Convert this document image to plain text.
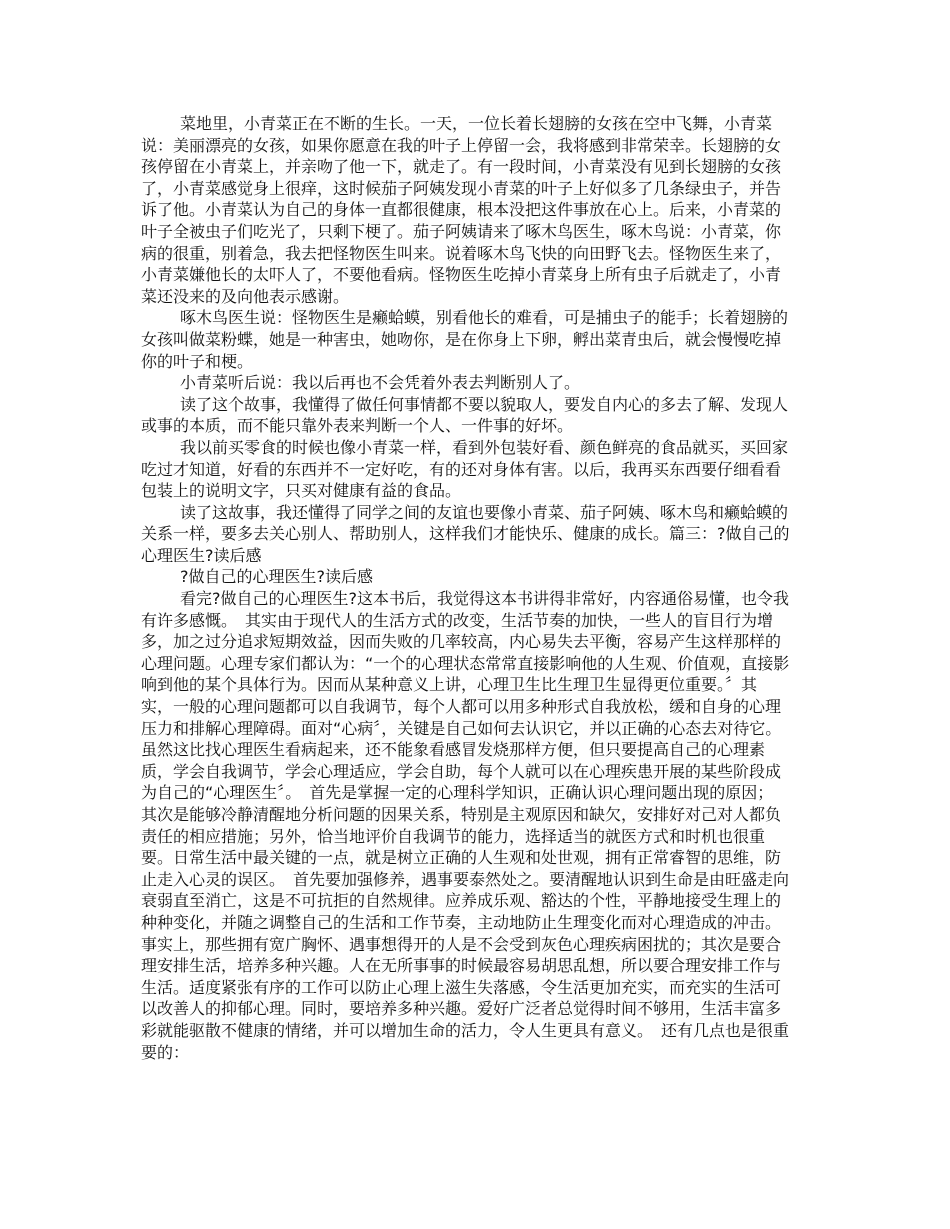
菜地里，小青菜正在不断的生长。一天，一位长着长翅膀的女孩在空中飞舞，小青菜
说：美丽漂亮的女孩，如果你愿意在我的叶子上停留一会，我将感到非常荣幸。长翅膀的女
孩停留在小青菜上，并亲吻了他一下，就走了。有一段时间，小青菜没有见到长翅膀的女孩
了，小青菜感觉身上很痒，这时候茄子阿姨发现小青菜的叶子上好似多了几条绿虫子，并告
诉了他。小青菜认为自己的身体一直都很健康，根本没把这件事放在心上。后来，小青菜的
叶子全被虫子们吃光了，只剩下梗了。茄子阿姨请来了啄木鸟医生，啄木鸟说：小青菜，你
病的很重，别着急，我去把怪物医生叫来。说着啄木鸟飞快的向田野飞去。怪物医生来了，
小青菜嫌他长的太吓人了，不要他看病。怪物医生吃掉小青菜身上所有虫子后就走了，小青
菜还没来的及向他表示感谢。
啄木鸟医生说：怪物医生是癞蛤蟆，别看他长的难看，可是捕虫子的能手；长着翅膀的
女孩叫做菜粉蝶，她是一种害虫，她吻你，是在你身上下卵，孵出菜青虫后，就会慢慢吃掉
你的叶子和梗。
小青菜听后说：我以后再也不会凭着外表去判断别人了。
读了这个故事，我懂得了做任何事情都不要以貌取人，要发自内心的多去了解、发现人
或事的本质，而不能只靠外表来判断一个人、一件事的好坏。
我以前买零食的时候也像小青菜一样，看到外包装好看、颜色鲜亮的食品就买，买回家
吃过才知道，好看的东西并不一定好吃，有的还对身体有害。以后，我再买东西要仔细看看
包装上的说明文字，只买对健康有益的食品。
读了这故事，我还懂得了同学之间的友谊也要像小青菜、茄子阿姨、啄木鸟和癞蛤蟆的
关系一样，要多去关心别人、帮助别人，这样我们才能快乐、健康的成长。篇三：?做自己的
心理医生?读后感
?做自己的心理医生?读后感
看完?做自己的心理医生?这本书后，我觉得这本书讲得非常好，内容通俗易懂，也令我
有许多感慨。　其实由于现代人的生活方式的改变，生活节奏的加快，一些人的盲目行为增
多，加之过分追求短期效益，因而失败的几率较高，内心易失去平衡，容易产生这样那样的
心理问题。心理专家们都认为：“一个的心理状态常常直接影响他的人生观、价值观，直接影
响到他的某个具体行为。因而从某种意义上讲，心理卫生比生理卫生显得更位重要。〞其
实，一般的心理问题都可以自我调节，每个人都可以用多种形式自我放松，缓和自身的心理
压力和排解心理障碍。面对“心病〞，关键是自己如何去认识它，并以正确的心态去对待它。
虽然这比找心理医生看病起来，还不能象看感冒发烧那样方便，但只要提高自己的心理素
质，学会自我调节，学会心理适应，学会自助，每个人就可以在心理疾患开展的某些阶段成
为自己的“心理医生〞。　首先是掌握一定的心理科学知识，正确认识心理问题出现的原因；
其次是能够冷静清醒地分析问题的因果关系，特别是主观原因和缺欠，安排好对己对人都负
责任的相应措施；另外，恰当地评价自我调节的能力，选择适当的就医方式和时机也很重
要。日常生活中最关键的一点，就是树立正确的人生观和处世观，拥有正常睿智的思维，防
止走入心灵的误区。　首先要加强修养，遇事要泰然处之。要清醒地认识到生命是由旺盛走向
衰弱直至消亡，这是不可抗拒的自然规律。应养成乐观、豁达的个性，平静地接受生理上的
种种变化，并随之调整自己的生活和工作节奏，主动地防止生理变化而对心理造成的冲击。
事实上，那些拥有宽广胸怀、遇事想得开的人是不会受到灰色心理疾病困扰的；其次是要合
理安排生活，培养多种兴趣。人在无所事事的时候最容易胡思乱想，所以要合理安排工作与
生活。适度紧张有序的工作可以防止心理上滋生失落感，令生活更加充实，而充实的生活可
以改善人的抑郁心理。同时，要培养多种兴趣。爱好广泛者总觉得时间不够用，生活丰富多
彩就能驱散不健康的情绪，并可以增加生命的活力，令人生更具有意义。　还有几点也是很重
要的：
